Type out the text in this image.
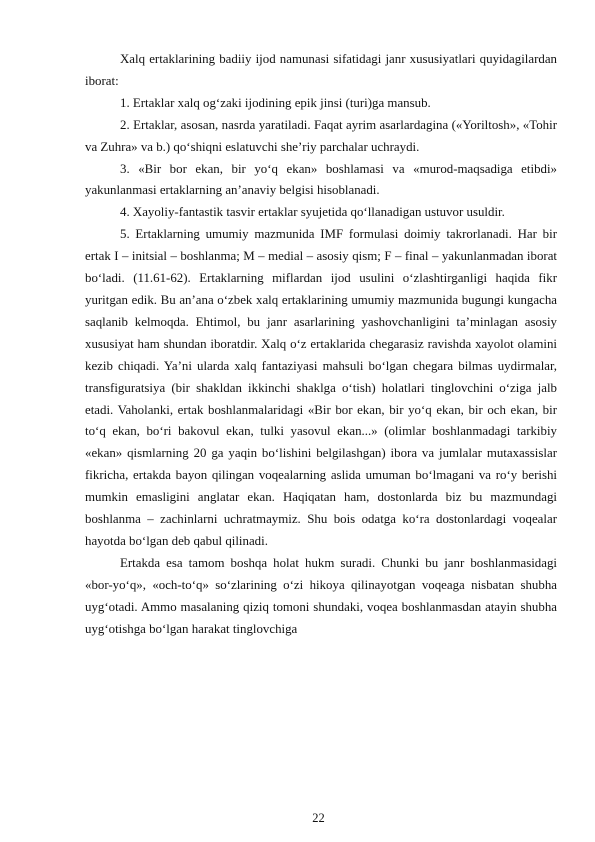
Xalq ertaklarining badiiy ijod namunasi sifatidagi janr xususiyatlari quyidagilardan iborat:

1. Ertaklar xalq og‘zaki ijodining epik jinsi (turi)ga mansub.

2. Ertaklar, asosan, nasrda yaratiladi. Faqat ayrim asarlardagina («Yoriltosh», «Tohir va Zuhra» va b.) qo‘shiqni eslatuvchi she’riy parchalar uchraydi.

3. «Bir bor ekan, bir yo‘q ekan» boshlamasi va «murod-maqsadiga etibdi» yakunlanmasi ertaklarning an’anaviy belgisi hisoblanadi.

4. Xayoliy-fantastik tasvir ertaklar syujetida qo‘llanadigan ustuvor usuldir.

5. Ertaklarning umumiy mazmunida IMF formulasi doimiy takrorlanadi. Har bir ertak I – initsial – boshlanma; M – medial – asosiy qism; F – final – yakunlanmadan iborat bo‘ladi. (11.61-62). Ertaklarning miflardan ijod usulini o‘zlashtirganligi haqida fikr yuritgan edik. Bu an’ana o‘zbek xalq ertaklarining umumiy mazmunida bugungi kungacha saqlanib kelmoqda. Ehtimol, bu janr asarlarining yashovchanligini ta’minlagan asosiy xususiyat ham shundan iboratdir. Xalq o‘z ertaklarida chegarasiz ravishda xayolot olamini kezib chiqadi. Ya’ni ularda xalq fantaziyasi mahsuli bo‘lgan chegara bilmas uydirmalar, transfiguratsiya (bir shakldan ikkinchi shaklga o‘tish) holatlari tinglovchini o‘ziga jalb etadi. Vaholanki, ertak boshlanmalaridagi «Bir bor ekan, bir yo‘q ekan, bir och ekan, bir to‘q ekan, bo‘ri bakovul ekan, tulki yasovul ekan...» (olimlar boshlanmadagi tarkibiy «ekan» qismlarning 20 ga yaqin bo‘lishini belgilashgan) ibora va jumlalar mutaxassislar fikricha, ertakda bayon qilingan voqealarning aslida umuman bo‘lmagani va ro‘y berishi mumkin emasligini anglatar ekan. Haqiqatan ham, dostonlarda biz bu mazmundagi boshlanma – zachinlarni uchratmaymiz. Shu bois odatga ko‘ra dostonlardagi voqealar hayotda bo‘lgan deb qabul qilinadi.

Ertakda esa tamom boshqa holat hukm suradi. Chunki bu janr boshlanmasidagi «bor-yo‘q», «och-to‘q» so‘zlarining o‘zi hikoya qilinayotgan voqeaga nisbatan shubha uyg‘otadi. Ammo masalaning qiziq tomoni shundaki, voqea boshlanmasdan atayin shubha uyg‘otishga bo‘lgan harakat tinglovchiga

22
